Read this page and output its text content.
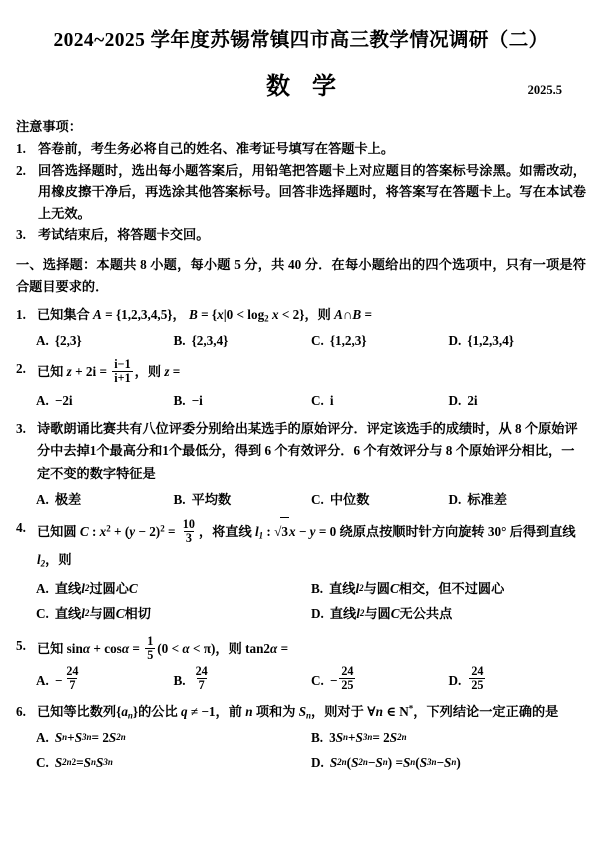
2024~2025 学年度苏锡常镇四市高三教学情况调研（二）
数学	2025.5
注意事项：
1. 答卷前，考生务必将自己的姓名、准考证号填写在答题卡上。
2. 回答选择题时，选出每小题答案后，用铅笔把答题卡上对应题目的答案标号涂黑。如需改动，用橡皮擦干净后，再选涂其他答案标号。回答非选择题时，将答案写在答题卡上。写在本试卷上无效。
3. 考试结束后，将答题卡交回。
一、选择题：本题共 8 小题，每小题 5 分，共 40 分．在每小题给出的四个选项中，只有一项是符合题目要求的．
1. 已知集合 A = {1,2,3,4,5}， $B = \{x|0 < \log_2 x < 2\}$，则 A∩B =
A. {2,3}	B. {2,3,4}	C. {1,2,3}	D. {1,2,3,4}
2. 已知 $z + 2i = \frac{i-1}{i+1}$ ，则 z =
A. −2i	B. −i	C. i	D. 2i
3. 诗歌朗诵比赛共有八位评委分别给出某选手的原始评分．评定该选手的成绩时，从 8 个原始评分中去掉1个最高分和1个最低分，得到 6 个有效评分．6 个有效评分与 8 个原始评分相比，一定不变的数字特征是
A. 极差	B. 平均数	C. 中位数	D. 标准差
4. 已知圆 C : $x^2 + (y - 2)^2 = \frac{10}{3}$ ，将直线 $l_1$ : √ 3 x − y = 0 绕原点按顺时针方向旋转 30° 后得到直线 $l_2$，则
A. 直线 l 2 过圆心 C	B. 直线 l 2 与圆 C 相交，但不过圆心
C. 直线 l 2 与圆 C 相切	D. 直线 l 2 与圆 C 无公共点
5. 已知 $\sin\alpha + \cos\alpha = \frac{1}{5} (0 < \alpha < \pi)$，则 tan2α =
A. − $\frac{24}{7}$	B. $\frac{24}{7}$	C. − $\frac{24}{25}$	D. $\frac{24}{25}$
6. 已知等比数列$\{a_n\}$的公比 q ≠ −1，前 n 项和为 $S_n$，则对于 ∀n ∈ N*，下列结论一定正确的是
A. S n + S 3n = 2 S 2n	B. 3 S n + S 3n = 2 S 2n
C. S 2n 2 = S n S 3n	D. S 2n ( S 2n − S n ) = S n ( S 3n − S n )
